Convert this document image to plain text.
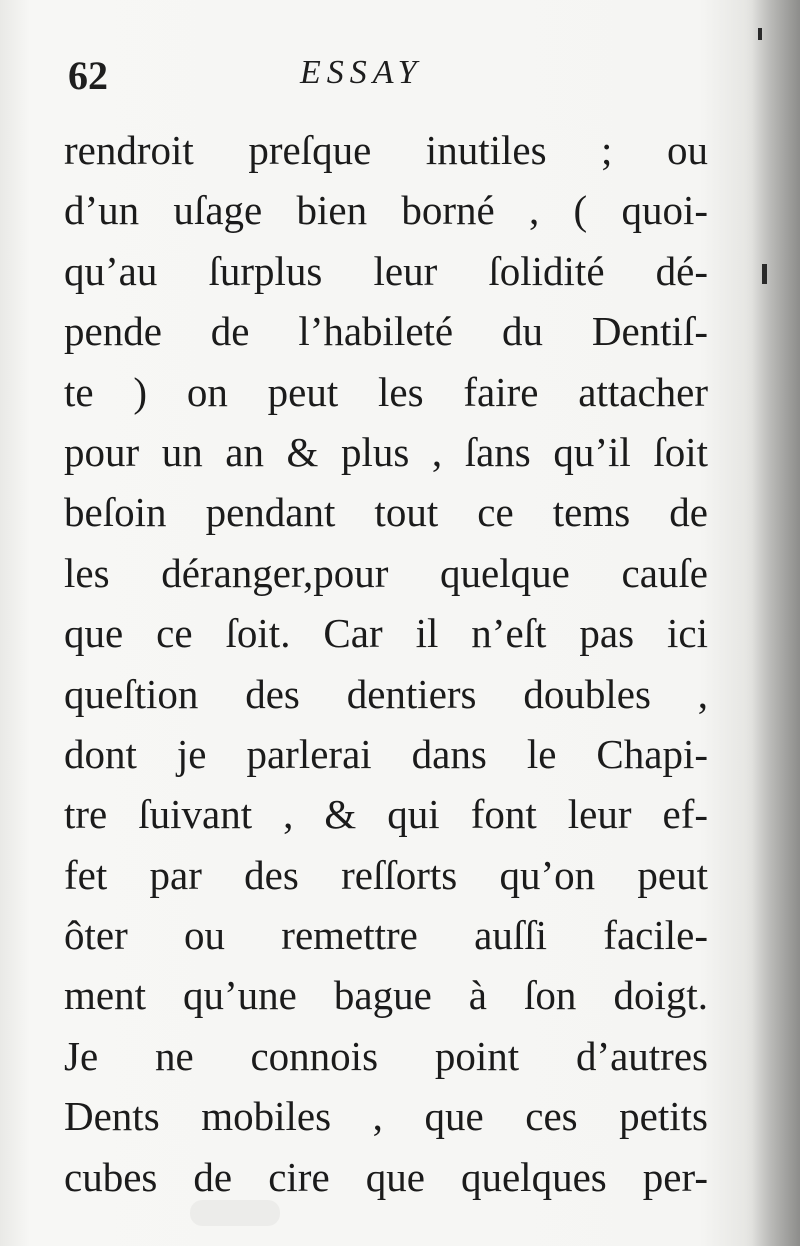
62	ESSAY
rendroit preſque inutiles ; ou
d’un uſage bien borné , ( quoi-
qu’au ſurplus leur ſolidité dé-
pende de l’habileté du Dentiſ-
te ) on peut les faire attacher
pour un an & plus , ſans qu’il ſoit
beſoin pendant tout ce tems de
les déranger,pour quelque cauſe
que ce ſoit. Car il n’eſt pas ici
queſtion des dentiers doubles ,
dont je parlerai dans le Chapi-
tre ſuivant , & qui font leur ef-
fet par des reſſorts qu’on peut
ôter ou remettre auſſi facile-
ment qu’une bague à ſon doigt.
Je ne connois point d’autres
Dents mobiles , que ces petits
cubes de cire que quelques per-
